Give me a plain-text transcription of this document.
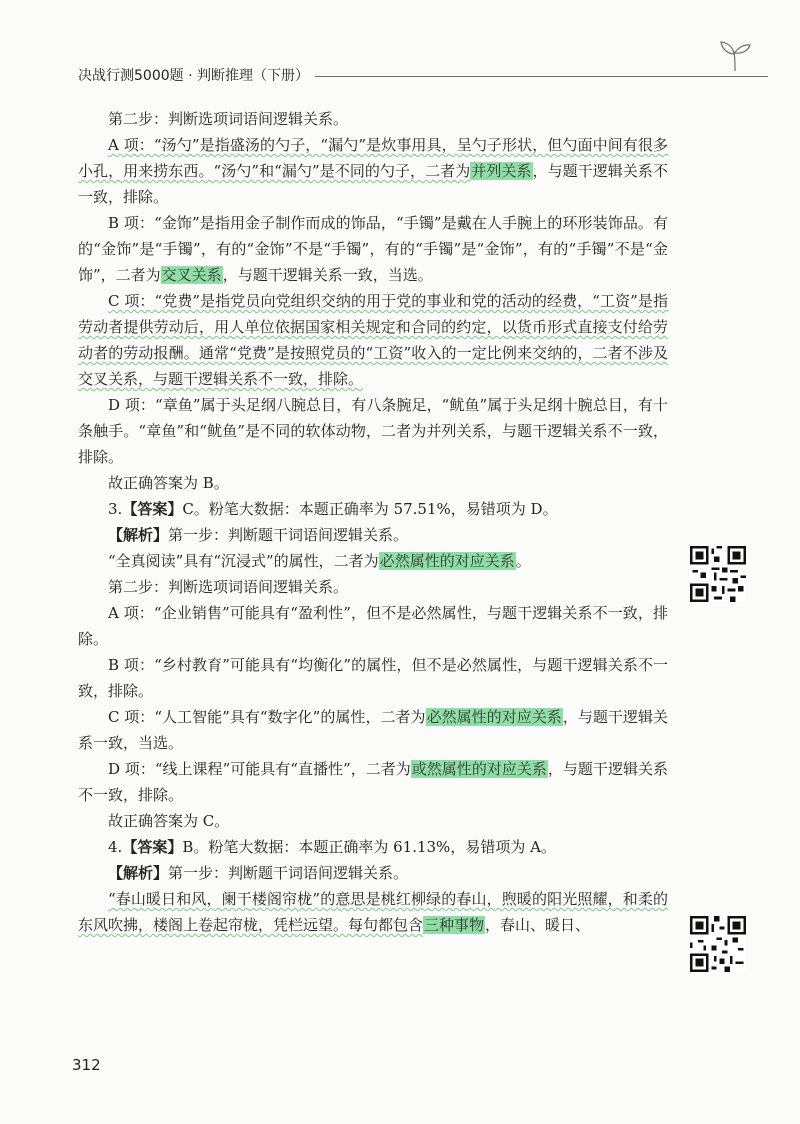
决战行测5000题 · 判断推理（下册）

第二步：判断选项词语间逻辑关系。

A 项：“汤勺”是指盛汤的勺子，“漏勺”是炊事用具，呈勺子形状，但勺面中间有很多小孔，用来捞东西。“汤勺”和“漏勺”是不同的勺子，二者为并列关系，与题干逻辑关系不一致，排除。

B 项：“金饰”是指用金子制作而成的饰品，“手镯”是戴在人手腕上的环形装饰品。有的“金饰”是“手镯”，有的“金饰”不是“手镯”，有的“手镯”是“金饰”，有的“手镯”不是“金饰”，二者为交叉关系，与题干逻辑关系一致，当选。

C 项：“党费”是指党员向党组织交纳的用于党的事业和党的活动的经费，“工资”是指劳动者提供劳动后，用人单位依据国家相关规定和合同的约定，以货币形式直接支付给劳动者的劳动报酬。通常“党费”是按照党员的“工资”收入的一定比例来交纳的，二者不涉及交叉关系，与题干逻辑关系不一致，排除。

D 项：“章鱼”属于头足纲八腕总目，有八条腕足，“鱿鱼”属于头足纲十腕总目，有十条触手。“章鱼”和“鱿鱼”是不同的软体动物，二者为并列关系，与题干逻辑关系不一致，排除。

故正确答案为 B。

3.【答案】C。粉笔大数据：本题正确率为 57.51%，易错项为 D。

【解析】第一步：判断题干词语间逻辑关系。

“全真阅读”具有“沉浸式”的属性，二者为必然属性的对应关系。

第二步：判断选项词语间逻辑关系。

A 项：“企业销售”可能具有“盈利性”，但不是必然属性，与题干逻辑关系不一致，排除。

B 项：“乡村教育”可能具有“均衡化”的属性，但不是必然属性，与题干逻辑关系不一致，排除。

C 项：“人工智能”具有“数字化”的属性，二者为必然属性的对应关系，与题干逻辑关系一致，当选。

D 项：“线上课程”可能具有“直播性”，二者为或然属性的对应关系，与题干逻辑关系不一致，排除。

故正确答案为 C。

4.【答案】B。粉笔大数据：本题正确率为 61.13%，易错项为 A。

【解析】第一步：判断题干词语间逻辑关系。

“春山暖日和风，阑干楼阁帘栊”的意思是桃红柳绿的春山，煦暖的阳光照耀，和柔的东风吹拂，楼阁上卷起帘栊，凭栏远望。每句都包含三种事物，春山、暖日、

312
